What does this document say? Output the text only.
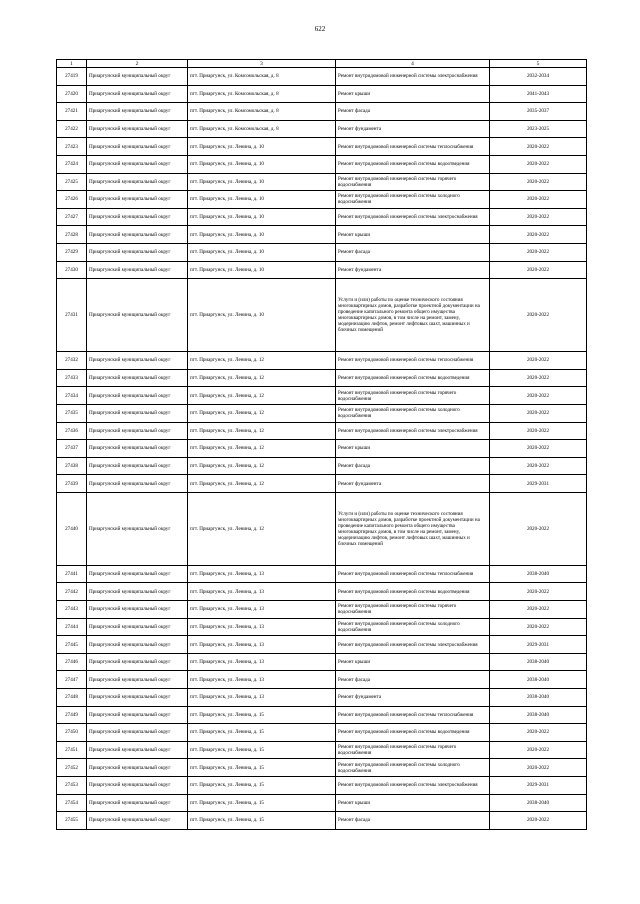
622
1	2	3	4	5
27419	Приаргунский муниципальный округ	пгт. Приаргунск, ул. Комсомольская, д. 8	Ремонт внутридомовой инженерной системы электроснабжения	2032-2034
27420	Приаргунский муниципальный округ	пгт. Приаргунск, ул. Комсомольская, д. 8	Ремонт крыши	2041-2043
27421	Приаргунский муниципальный округ	пгт. Приаргунск, ул. Комсомольская, д. 8	Ремонт фасада	2035-2037
27422	Приаргунский муниципальный округ	пгт. Приаргунск, ул. Комсомольская, д. 8	Ремонт фундамента	2023-2025
27423	Приаргунский муниципальный округ	пгт. Приаргунск, ул. Ленина, д. 10	Ремонт внутридомовой инженерной системы теплоснабжения	2020-2022
27424	Приаргунский муниципальный округ	пгт. Приаргунск, ул. Ленина, д. 10	Ремонт внутридомовой инженерной системы водоотведения	2020-2022
27425	Приаргунский муниципальный округ	пгт. Приаргунск, ул. Ленина, д. 10	Ремонт внутридомовой инженерной системы горячего водоснабжения	2020-2022
27426	Приаргунский муниципальный округ	пгт. Приаргунск, ул. Ленина, д. 10	Ремонт внутридомовой инженерной системы холодного водоснабжения	2020-2022
27427	Приаргунский муниципальный округ	пгт. Приаргунск, ул. Ленина, д. 10	Ремонт внутридомовой инженерной системы электроснабжения	2020-2022
27428	Приаргунский муниципальный округ	пгт. Приаргунск, ул. Ленина, д. 10	Ремонт крыши	2020-2022
27429	Приаргунский муниципальный округ	пгт. Приаргунск, ул. Ленина, д. 10	Ремонт фасада	2020-2022
27430	Приаргунский муниципальный округ	пгт. Приаргунск, ул. Ленина, д. 10	Ремонт фундамента	2020-2022
27431	Приаргунский муниципальный округ	пгт. Приаргунск, ул. Ленина, д. 10	Услуги и (или) работы по оценке технического состояния многоквартирных домов, разработке проектной документации на проведение капитального ремонта общего имущества многоквартирных домов, в том числе на ремонт, замену, модернизацию лифтов, ремонт лифтовых шахт, машинных и блочных помещений	2020-2022
27432	Приаргунский муниципальный округ	пгт. Приаргунск, ул. Ленина, д. 12	Ремонт внутридомовой инженерной системы теплоснабжения	2020-2022
27433	Приаргунский муниципальный округ	пгт. Приаргунск, ул. Ленина, д. 12	Ремонт внутридомовой инженерной системы водоотведения	2020-2022
27434	Приаргунский муниципальный округ	пгт. Приаргунск, ул. Ленина, д. 12	Ремонт внутридомовой инженерной системы горячего водоснабжения	2020-2022
27435	Приаргунский муниципальный округ	пгт. Приаргунск, ул. Ленина, д. 12	Ремонт внутридомовой инженерной системы холодного водоснабжения	2020-2022
27436	Приаргунский муниципальный округ	пгт. Приаргунск, ул. Ленина, д. 12	Ремонт внутридомовой инженерной системы электроснабжения	2020-2022
27437	Приаргунский муниципальный округ	пгт. Приаргунск, ул. Ленина, д. 12	Ремонт крыши	2020-2022
27438	Приаргунский муниципальный округ	пгт. Приаргунск, ул. Ленина, д. 12	Ремонт фасада	2020-2022
27439	Приаргунский муниципальный округ	пгт. Приаргунск, ул. Ленина, д. 12	Ремонт фундамента	2029-2031
27440	Приаргунский муниципальный округ	пгт. Приаргунск, ул. Ленина, д. 12	Услуги и (или) работы по оценке технического состояния многоквартирных домов, разработке проектной документации на проведение капитального ремонта общего имущества многоквартирных домов, в том числе на ремонт, замену, модернизацию лифтов, ремонт лифтовых шахт, машинных и блочных помещений	2020-2022
27441	Приаргунский муниципальный округ	пгт. Приаргунск, ул. Ленина, д. 13	Ремонт внутридомовой инженерной системы теплоснабжения	2038-2040
27442	Приаргунский муниципальный округ	пгт. Приаргунск, ул. Ленина, д. 13	Ремонт внутридомовой инженерной системы водоотведения	2020-2022
27443	Приаргунский муниципальный округ	пгт. Приаргунск, ул. Ленина, д. 13	Ремонт внутридомовой инженерной системы горячего водоснабжения	2020-2022
27444	Приаргунский муниципальный округ	пгт. Приаргунск, ул. Ленина, д. 13	Ремонт внутридомовой инженерной системы холодного водоснабжения	2020-2022
27445	Приаргунский муниципальный округ	пгт. Приаргунск, ул. Ленина, д. 13	Ремонт внутридомовой инженерной системы электроснабжения	2029-2031
27446	Приаргунский муниципальный округ	пгт. Приаргунск, ул. Ленина, д. 13	Ремонт крыши	2038-2040
27447	Приаргунский муниципальный округ	пгт. Приаргунск, ул. Ленина, д. 13	Ремонт фасада	2038-2040
27448	Приаргунский муниципальный округ	пгт. Приаргунск, ул. Ленина, д. 13	Ремонт фундамента	2038-2040
27449	Приаргунский муниципальный округ	пгт. Приаргунск, ул. Ленина, д. 15	Ремонт внутридомовой инженерной системы теплоснабжения	2038-2040
27450	Приаргунский муниципальный округ	пгт. Приаргунск, ул. Ленина, д. 15	Ремонт внутридомовой инженерной системы водоотведения	2020-2022
27451	Приаргунский муниципальный округ	пгт. Приаргунск, ул. Ленина, д. 15	Ремонт внутридомовой инженерной системы горячего водоснабжения	2020-2022
27452	Приаргунский муниципальный округ	пгт. Приаргунск, ул. Ленина, д. 15	Ремонт внутридомовой инженерной системы холодного водоснабжения	2020-2022
27453	Приаргунский муниципальный округ	пгт. Приаргунск, ул. Ленина, д. 15	Ремонт внутридомовой инженерной системы электроснабжения	2029-2031
27454	Приаргунский муниципальный округ	пгт. Приаргунск, ул. Ленина, д. 15	Ремонт крыши	2038-2040
27455	Приаргунский муниципальный округ	пгт. Приаргунск, ул. Ленина, д. 15	Ремонт фасада	2020-2022
